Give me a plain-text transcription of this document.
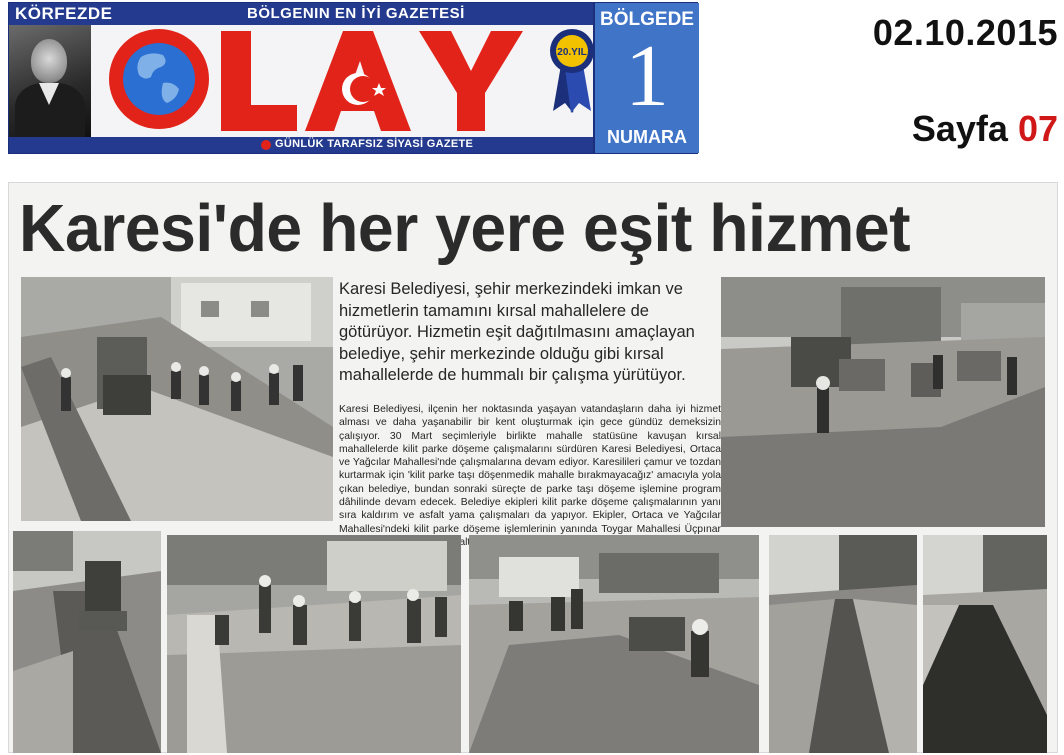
KÖRFEZDE	BÖLGENIN EN İYİ GAZETESİ
20.YIL
GÜNLÜK TARAFSIZ SİYASİ GAZETE
BÖLGEDE
1
NUMARA
02.10.2015
Sayfa 07
Karesi'de her yere eşit hizmet
Karesi Belediyesi, şehir merkezindeki imkan ve hizmetlerin tamamını kırsal mahallelere de götürüyor. Hizmetin eşit dağıtılmasını amaçlayan belediye, şehir merkezinde olduğu gibi kırsal mahallelerde de hummalı bir çalışma yürütüyor.
Karesi Belediyesi, ilçenin her noktasında yaşayan vatandaşların daha iyi hizmet alması ve daha yaşanabilir bir kent oluşturmak için gece gündüz demeksizin çalışıyor. 30 Mart seçimleriyle birlikte mahalle statüsüne kavuşan kırsal mahallelerde kilit parke döşeme çalışmalarını sürdüren Karesi Belediyesi, Ortaca ve Yağcılar Mahallesi'nde çalışmalarına devam ediyor. Karesilileri çamur ve tozdan kurtarmak için 'kilit parke taşı döşenmedik mahalle bırakmayacağız' amacıyla yola çıkan belediye, bundan sonraki süreçte de parke taşı döşeme işlemine program dâhilinde devam edecek. Belediye ekipleri kilit parke döşeme çalışmalarının yanı sıra kaldırım ve asfalt yama çalışmaları da yapıyor. Ekipler, Ortaca ve Yağcılar Mahallesi'ndeki kilit parke döşeme işlemlerinin yanında Toygar Mahallesi Üçpınar
